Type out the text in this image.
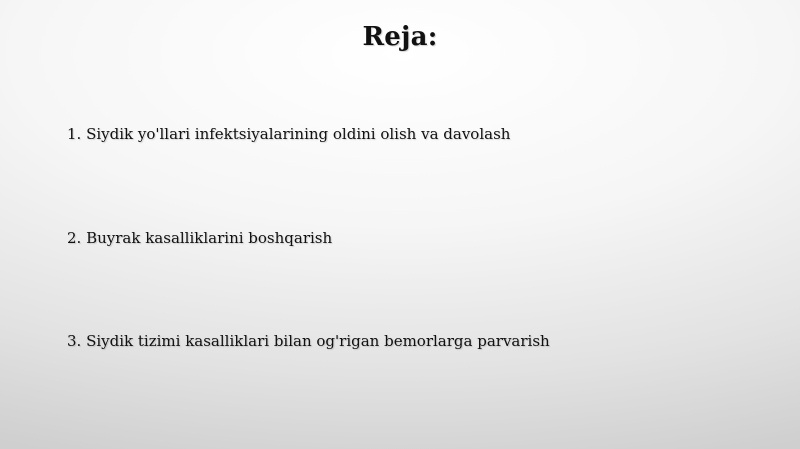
Reja:
1. Siydik yo'llari infektsiyalarining oldini olish va davolash
2. Buyrak kasalliklarini boshqarish
3. Siydik tizimi kasalliklari bilan og'rigan bemorlarga parvarish
